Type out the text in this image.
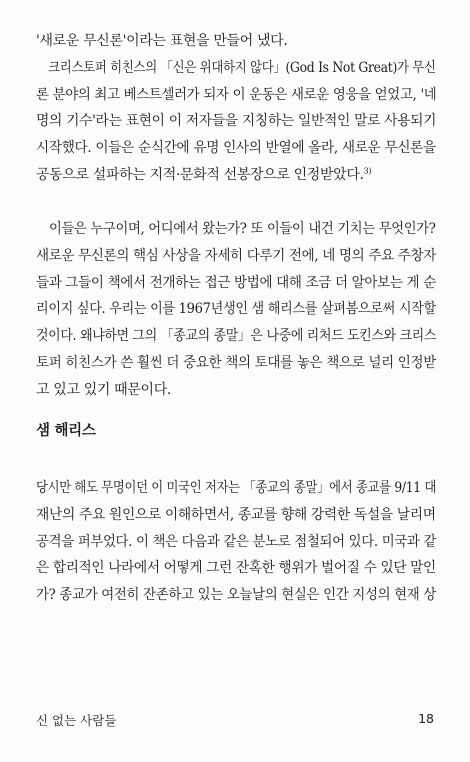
'새로운 무신론'이라는 표현을 만들어 냈다.
　크리스토퍼 히친스의 「신은 위대하지 않다」(God Is Not Great)가 무신
론 분야의 최고 베스트셀러가 되자 이 운동은 새로운 영웅을 얻었고, '네
명의 기수'라는 표현이 이 저자들을 지칭하는 일반적인 말로 사용되기
시작했다. 이들은 순식간에 유명 인사의 반열에 올라, 새로운 무신론을
공동으로 설파하는 지적·문화적 선봉장으로 인정받았다.$^{3)}$
　이들은 누구이며, 어디에서 왔는가? 또 이들이 내건 기치는 무엇인가?
새로운 무신론의 핵심 사상을 자세히 다루기 전에, 네 명의 주요 주창자
들과 그들이 책에서 전개하는 접근 방법에 대해 조금 더 알아보는 게 순
리이지 싶다. 우리는 이를 1967년생인 샘 해리스를 살펴봄으로써 시작할
것이다. 왜냐하면 그의 「종교의 종말」은 나중에 리처드 도킨스와 크리스
토퍼 히친스가 쓴 훨씬 더 중요한 책의 토대를 놓은 책으로 널리 인정받
고 있고 있기 때문이다.
샘 해리스
당시만 해도 무명이던 이 미국인 저자는 「종교의 종말」에서 종교를 9/11 대
재난의 주요 원인으로 이해하면서, 종교를 향해 강력한 독설을 날리며
공격을 퍼부었다. 이 책은 다음과 같은 분노로 점철되어 있다. 미국과 같
은 합리적인 나라에서 어떻게 그런 잔혹한 행위가 벌어질 수 있단 말인
가? 종교가 여전히 잔존하고 있는 오늘날의 현실은 인간 지성의 현재 상
신 없는 사람들	18
